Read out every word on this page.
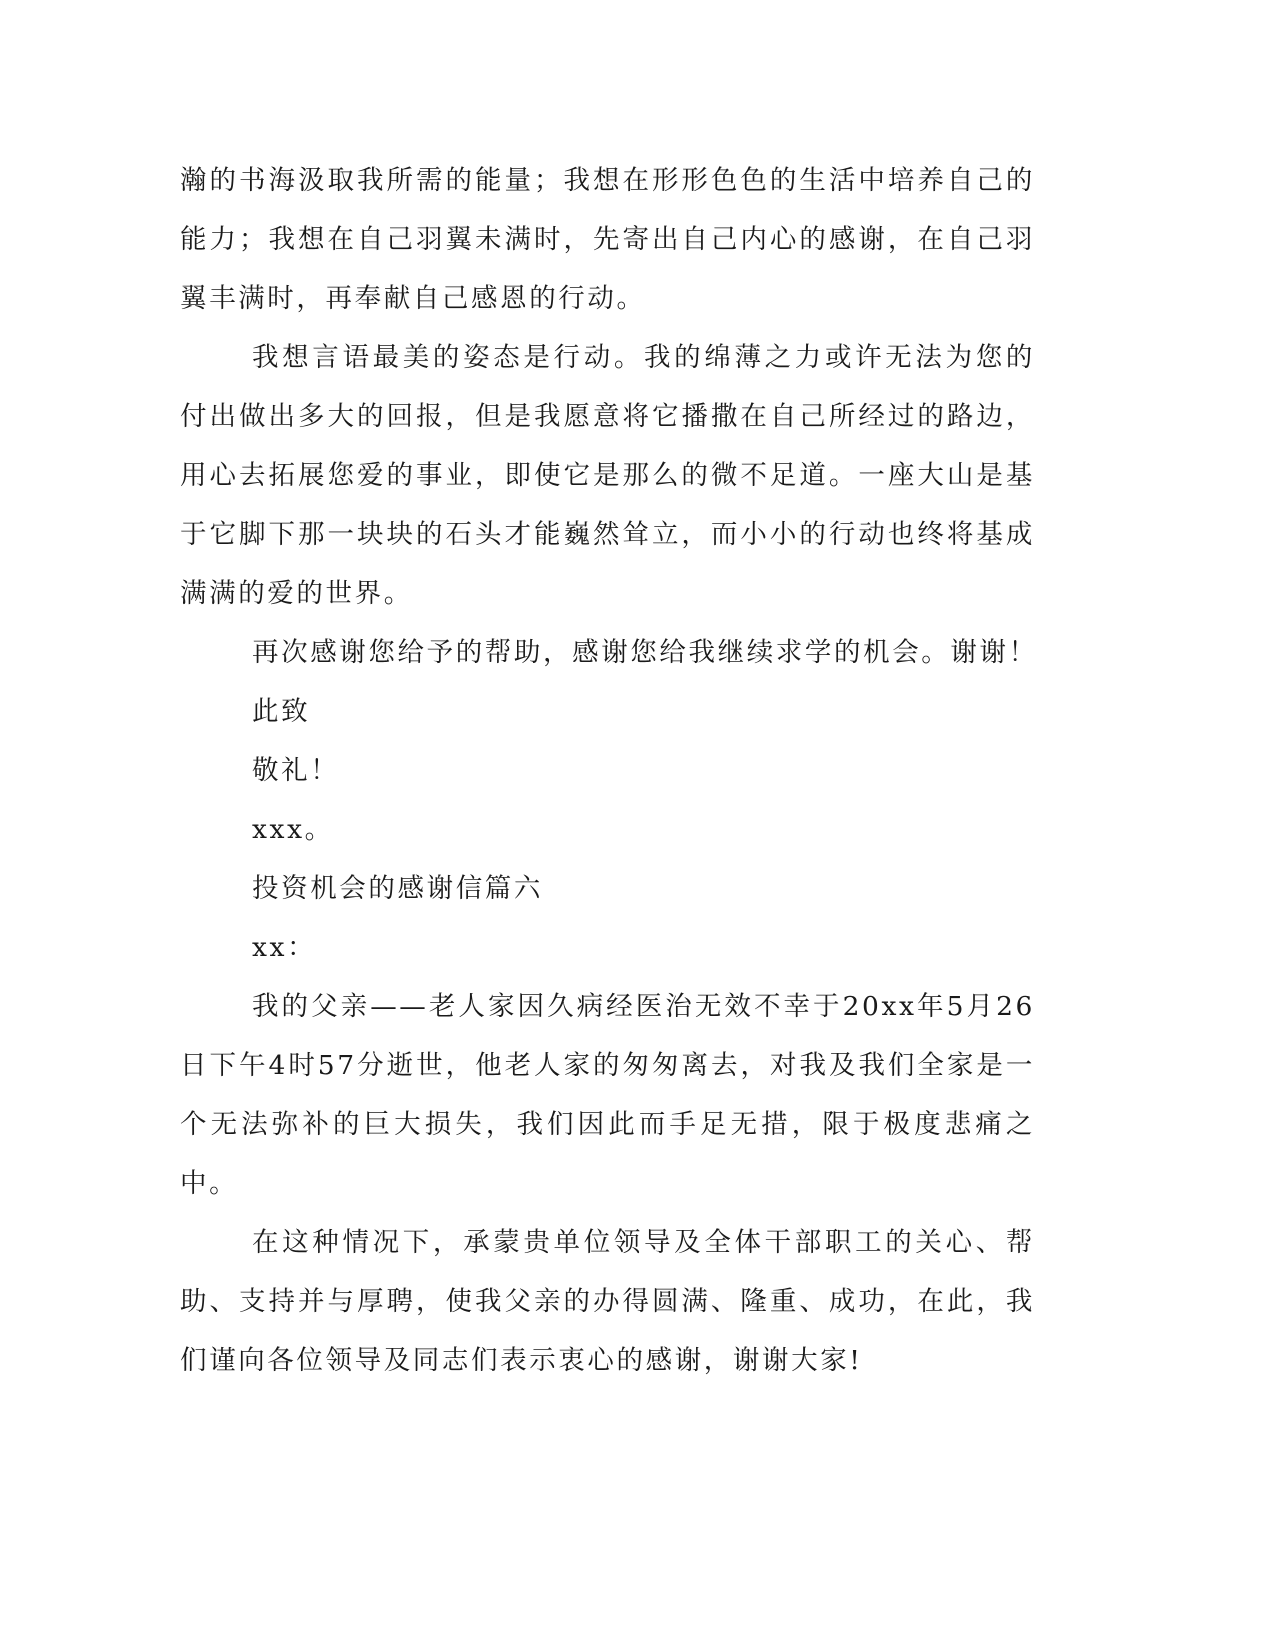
瀚的书海汲取我所需的能量；我想在形形色色的生活中培养自己的能力；我想在自己羽翼未满时，先寄出自己内心的感谢，在自己羽翼丰满时，再奉献自己感恩的行动。

我想言语最美的姿态是行动。我的绵薄之力或许无法为您的付出做出多大的回报，但是我愿意将它播撒在自己所经过的路边，用心去拓展您爱的事业，即使它是那么的微不足道。一座大山是基于它脚下那一块块的石头才能巍然耸立，而小小的行动也终将基成满满的爱的世界。

再次感谢您给予的帮助，感谢您给我继续求学的机会。谢谢！

此致

敬礼！

xxx。

投资机会的感谢信篇六

xx：

我的父亲——老人家因久病经医治无效不幸于20xx年5月26日下午4时57分逝世，他老人家的匆匆离去，对我及我们全家是一个无法弥补的巨大损失，我们因此而手足无措，限于极度悲痛之中。

在这种情况下，承蒙贵单位领导及全体干部职工的关心、帮助、支持并与厚聘，使我父亲的办得圆满、隆重、成功，在此，我们谨向各位领导及同志们表示衷心的感谢，谢谢大家!
